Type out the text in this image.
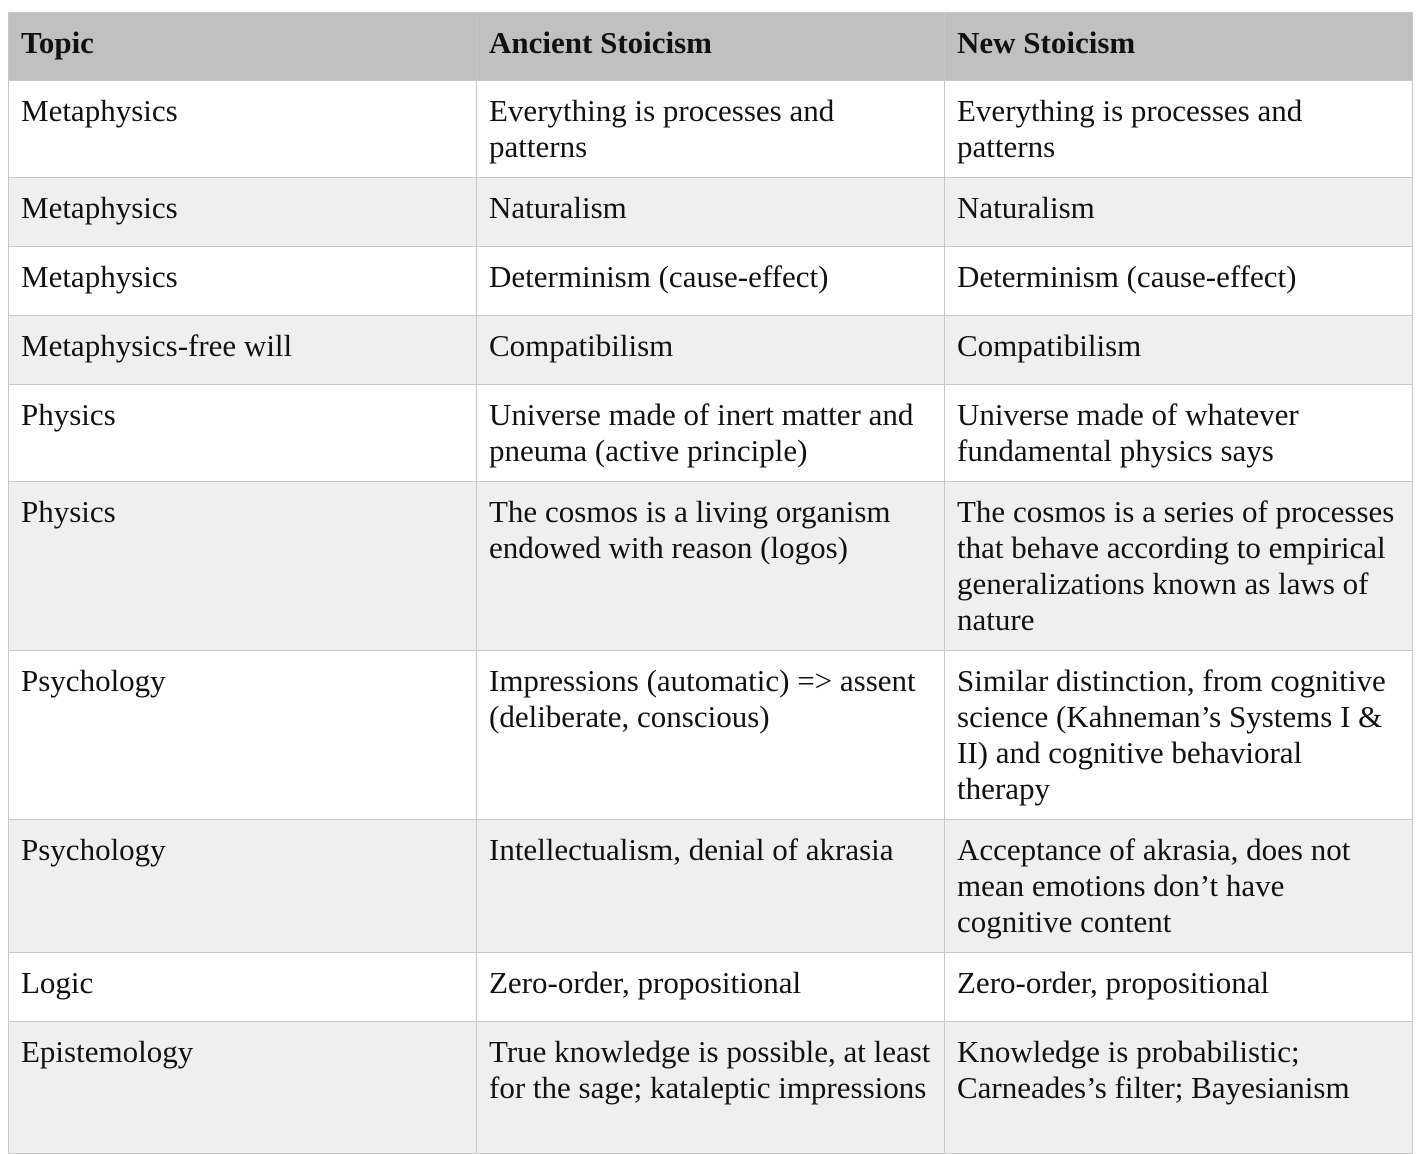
Topic	Ancient Stoicism	New Stoicism
Metaphysics	Everything is processes and patterns	Everything is processes and patterns
Metaphysics	Naturalism	Naturalism
Metaphysics	Determinism (cause-effect)	Determinism (cause-effect)
Metaphysics-free will	Compatibilism	Compatibilism
Physics	Universe made of inert matter and pneuma (active principle)	Universe made of whatever fundamental physics says
Physics	The cosmos is a living organism endowed with reason (logos)	The cosmos is a series of processes that behave according to empirical generalizations known as laws of nature
Psychology	Impressions (automatic) => assent (deliberate, conscious)	Similar distinction, from cognitive science (Kahneman’s Systems I & II) and cognitive behavioral therapy
Psychology	Intellectualism, denial of akrasia	Acceptance of akrasia, does not mean emotions don’t have cognitive content
Logic	Zero-order, propositional	Zero-order, propositional
Epistemology	True knowledge is possible, at least for the sage; kataleptic impressions	Knowledge is probabilistic; Carneades’s filter; Bayesianism
